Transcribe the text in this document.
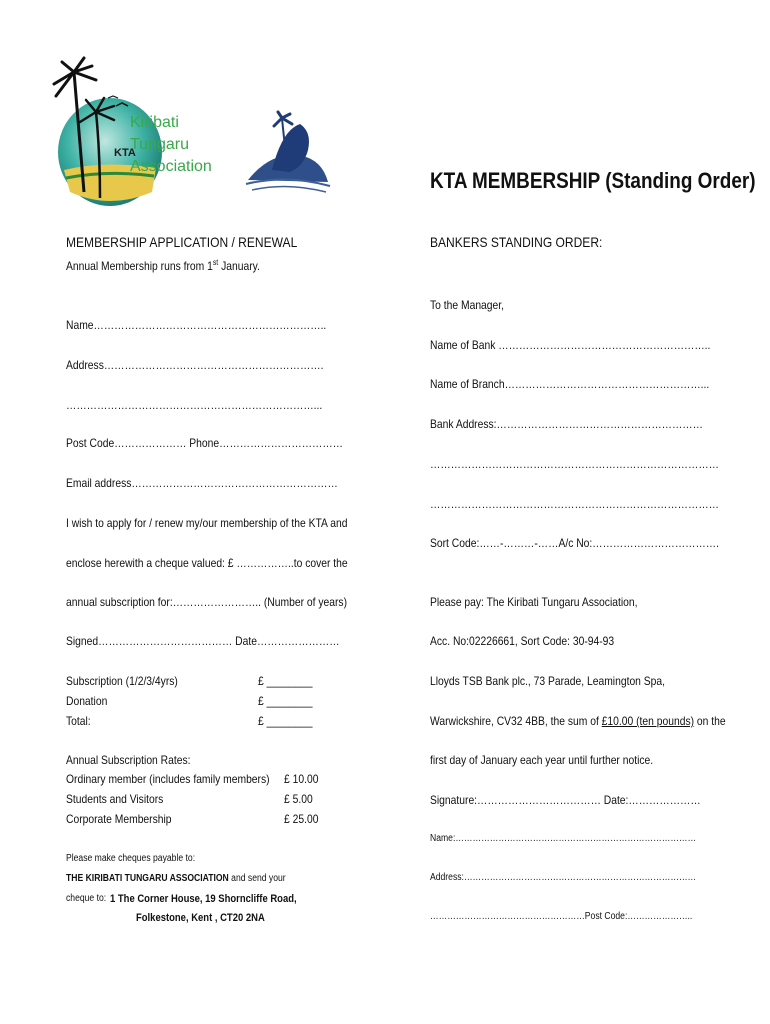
KTA
Kiribati
Tungaru
Association
KTA MEMBERSHIP (Standing Order)
MEMBERSHIP APPLICATION / RENEWAL
Annual Membership runs from 1st January.
Name…………………………………………………………..
Address……………………………………………………….
………………………………………………………………...
Post Code………………… Phone………………………………
Email address……………………………………………………
I wish to apply for / renew my/our membership of the KTA and
enclose herewith a cheque valued: £ ……………..to cover the
annual subscription for:…………………….. (Number of years)
Signed………………………………… Date……………………
Subscription (1/2/3/4yrs)	£ ________
Donation	£ ________
Total:	£ ________
Annual Subscription Rates:
Ordinary member (includes family members) £ 10.00
Students and Visitors	£ 5.00
Corporate Membership	£ 25.00
Please make cheques payable to:
THE KIRIBATI TUNGARU ASSOCIATION and send your
cheque to: 1 The Corner House, 19 Shorncliffe Road,
Folkestone, Kent , CT20 2NA
BANKERS STANDING ORDER:
To the Manager,
Name of Bank ……………………………………………………..
Name of Branch…………………………………………………...
Bank Address:……………………………………………………
…………………………………………………………………………
…………………………………………………………………………
Sort Code:……-………-……A/c No:……………………………….
Please pay: The Kiribati Tungaru Association,
Acc. No:02226661, Sort Code: 30-94-93
Lloyds TSB Bank plc., 73 Parade, Leamington Spa,
Warwickshire, CV32 4BB, the sum of £10.00 (ten pounds) on the
first day of January each year until further notice.
Signature:……………………………… Date:…………………
Name:…………………………………………………………………………
Address:………………………………………………………………………
………………………………………………Post Code:…………………..
